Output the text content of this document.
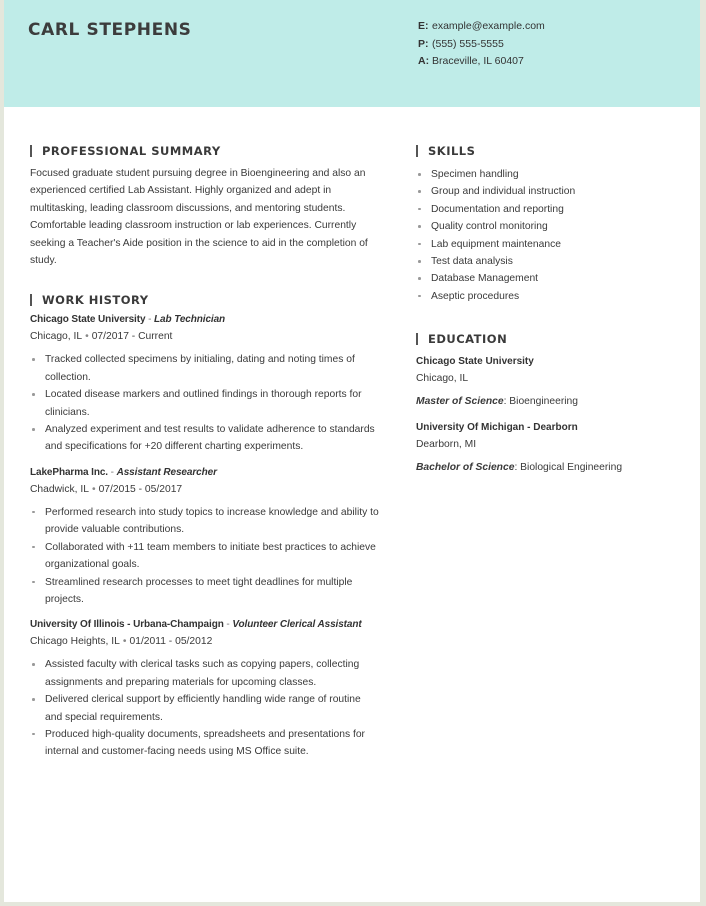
CARL STEPHENS	E: example@example.com
P: (555) 555-5555
A: Braceville, IL 60407
PROFESSIONAL SUMMARY
Focused graduate student pursuing degree in Bioengineering and also an experienced certified Lab Assistant. Highly organized and adept in multitasking, leading classroom discussions, and mentoring students. Comfortable leading classroom instruction or lab experiences. Currently seeking a Teacher's Aide position in the science to aid in the completion of study.
WORK HISTORY
Chicago State University - Lab Technician
Chicago, IL • 07/2017 - Current
Tracked collected specimens by initialing, dating and noting times of collection.
Located disease markers and outlined findings in thorough reports for clinicians.
Analyzed experiment and test results to validate adherence to standards and specifications for +20 different charting experiments.
LakePharma Inc. - Assistant Researcher
Chadwick, IL • 07/2015 - 05/2017
Performed research into study topics to increase knowledge and ability to provide valuable contributions.
Collaborated with +11 team members to initiate best practices to achieve organizational goals.
Streamlined research processes to meet tight deadlines for multiple projects.
University Of Illinois - Urbana-Champaign - Volunteer Clerical Assistant
Chicago Heights, IL • 01/2011 - 05/2012
Assisted faculty with clerical tasks such as copying papers, collecting assignments and preparing materials for upcoming classes.
Delivered clerical support by efficiently handling wide range of routine and special requirements.
Produced high-quality documents, spreadsheets and presentations for internal and customer-facing needs using MS Office suite.
SKILLS
Specimen handling
Group and individual instruction
Documentation and reporting
Quality control monitoring
Lab equipment maintenance
Test data analysis
Database Management
Aseptic procedures
EDUCATION
Chicago State University
Chicago, IL
Master of Science: Bioengineering
University Of Michigan - Dearborn
Dearborn, MI
Bachelor of Science: Biological Engineering
